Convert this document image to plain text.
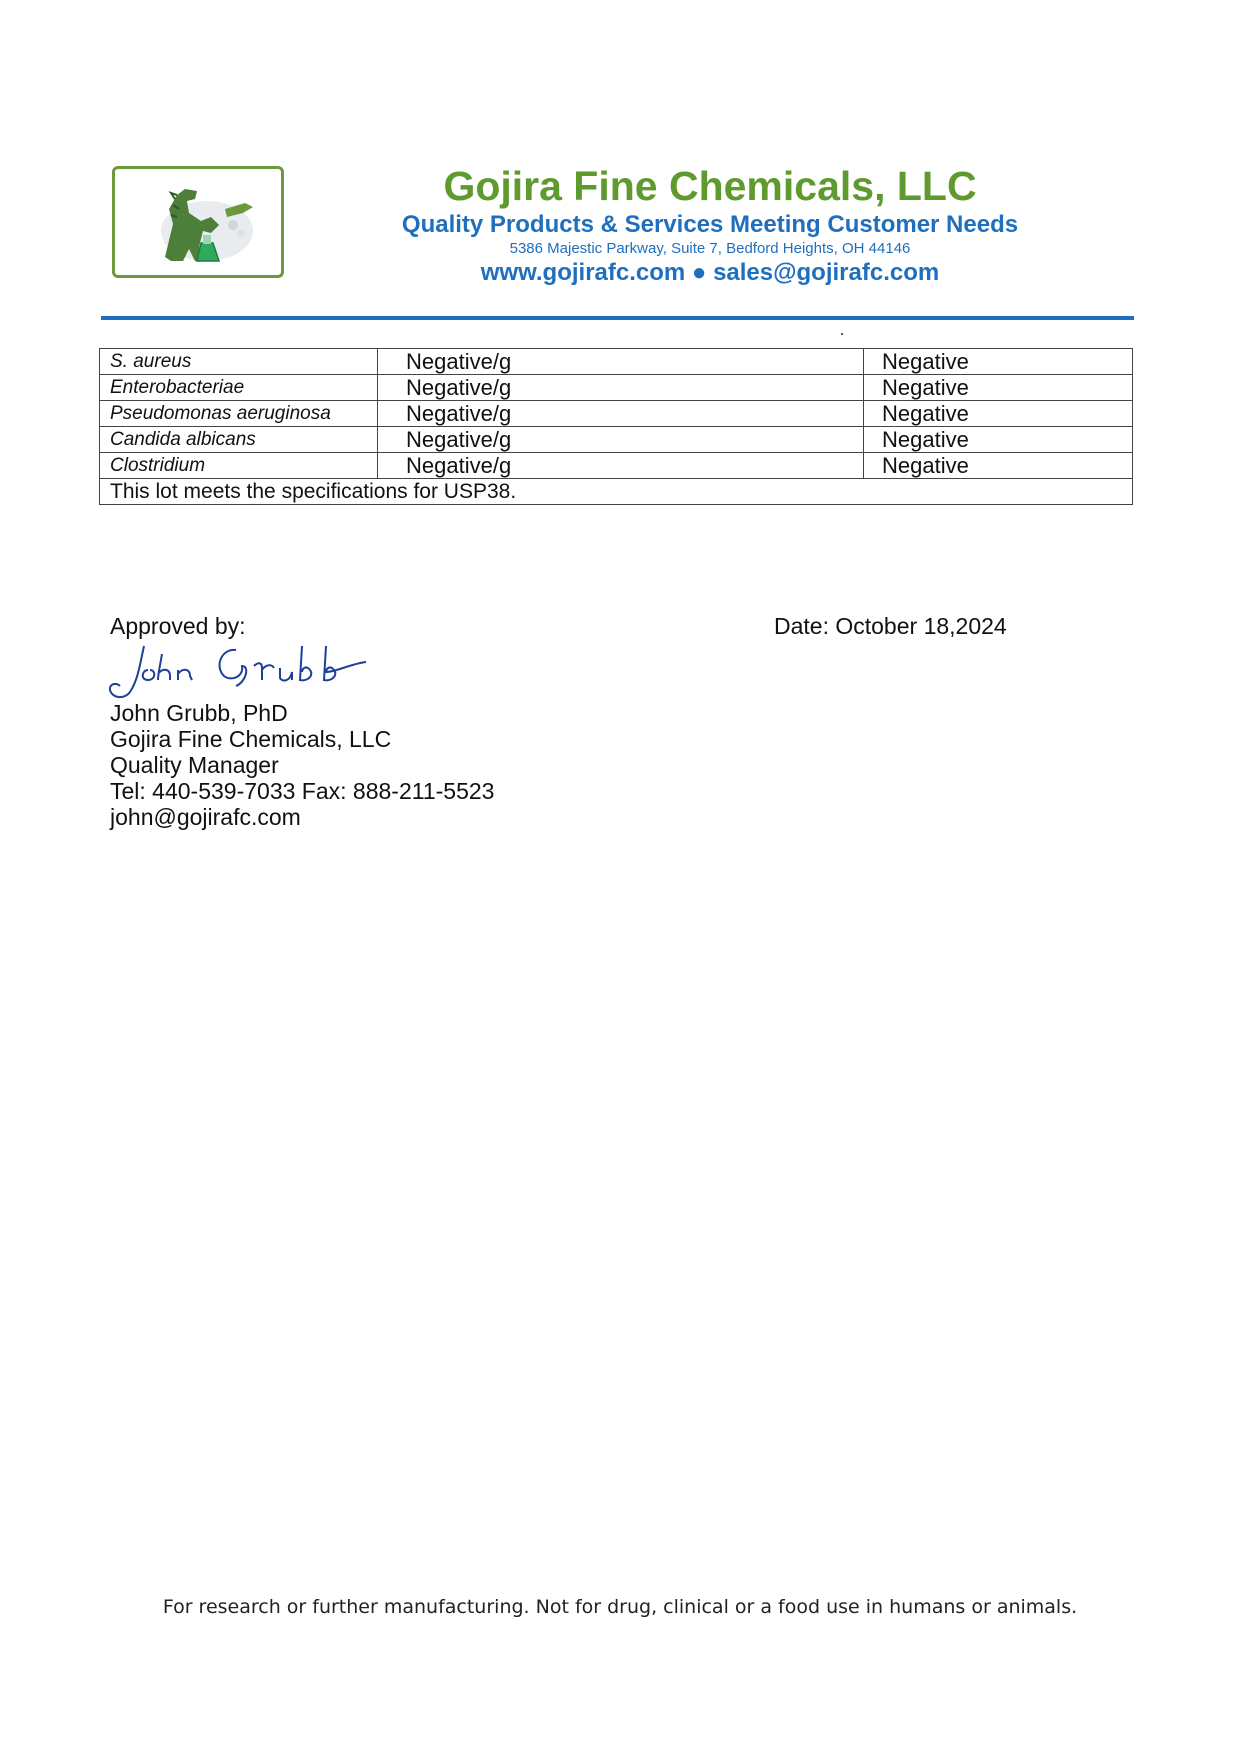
Gojira Fine Chemicals, LLC
Quality Products & Services Meeting Customer Needs
5386 Majestic Parkway, Suite 7, Bedford Heights, OH 44146
www.gojirafc.com ● sales@gojirafc.com
S. aureus	Negative/g	Negative
Enterobacteriae	Negative/g	Negative
Pseudomonas aeruginosa	Negative/g	Negative
Candida albicans	Negative/g	Negative
Clostridium	Negative/g	Negative
This lot meets the specifications for USP38.		
Approved by:	Date: October 18,2024
John Grubb, PhD
Gojira Fine Chemicals, LLC
Quality Manager
Tel: 440-539-7033 Fax: 888-211-5523
john@gojirafc.com
For research or further manufacturing. Not for drug, clinical or a food use in humans or animals.
